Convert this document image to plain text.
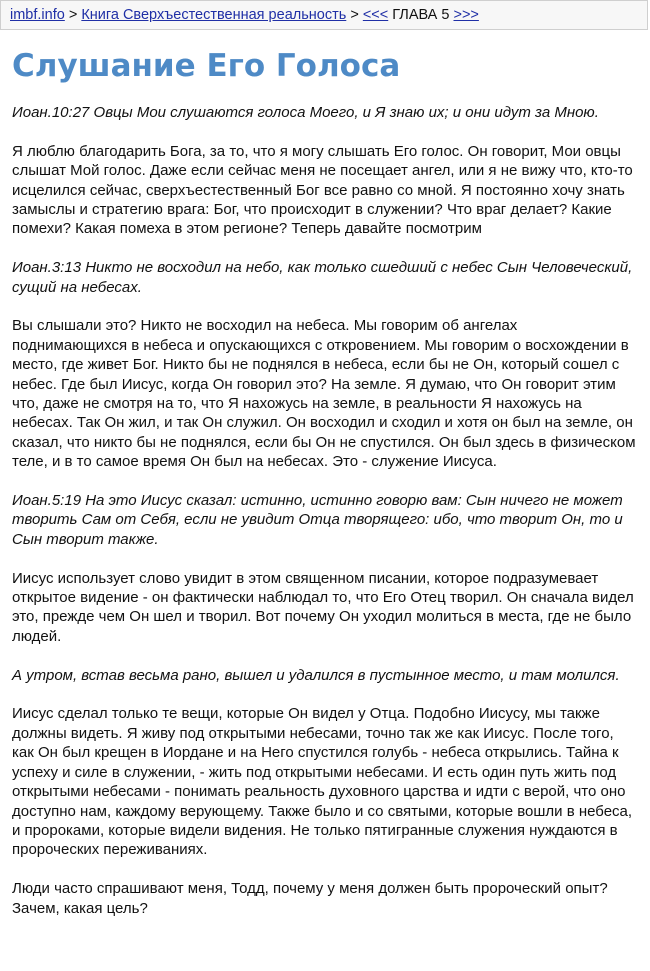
imbf.info > Книга Сверхъестественная реальность > <<< ГЛАВА 5 >>>
Слушание Его Голоса

Иоан.10:27 Овцы Мои слушаются голоса Моего, и Я знаю их; и они идут за Мною.

Я люблю благодарить Бога, за то, что я могу слышать Его голос. Он говорит, Мои овцы слышат Мой голос. Даже если сейчас меня не посещает ангел, или я не вижу что, кто-то исцелился сейчас, сверхъестественный Бог все равно со мной. Я постоянно хочу знать замыслы и стратегию врага: Бог, что происходит в служении? Что враг делает? Какие помехи? Какая помеха в этом регионе? Теперь давайте посмотрим

Иоан.3:13 Никто не восходил на небо, как только сшедший с небес Сын Человеческий, сущий на небесах.

Вы слышали это? Никто не восходил на небеса. Мы говорим об ангелах поднимающихся в небеса и опускающихся с откровением. Мы говорим о восхождении в место, где живет Бог. Никто бы не поднялся в небеса, если бы не Он, который сошел с небес. Где был Иисус, когда Он говорил это? На земле. Я думаю, что Он говорит этим что, даже не смотря на то, что Я нахожусь на земле, в реальности Я нахожусь на небесах. Так Он жил, и так Он служил. Он восходил и сходил и хотя он был на земле, он сказал, что никто бы не поднялся, если бы Он не спустился. Он был здесь в физическом теле, и в то самое время Он был на небесах. Это - служение Иисуса.

Иоан.5:19 На это Иисус сказал: истинно, истинно говорю вам: Сын ничего не может творить Сам от Себя, если не увидит Отца творящего: ибо, что творит Он, то и Сын творит также.

Иисус использует слово увидит в этом священном писании, которое подразумевает открытое видение - он фактически наблюдал то, что Его Отец творил. Он сначала видел это, прежде чем Он шел и творил. Вот почему Он уходил молиться в места, где не было людей.

А утром, встав весьма рано, вышел и удалился в пустынное место, и там молился.

Иисус сделал только те вещи, которые Он видел у Отца. Подобно Иисусу, мы также должны видеть. Я живу под открытыми небесами, точно так же как Иисус. После того, как Он был крещен в Иордане и на Него спустился голубь - небеса открылись. Тайна к успеху и силе в служении, - жить под открытыми небесами. И есть один путь жить под открытыми небесами - понимать реальность духовного царства и идти с верой, что оно доступно нам, каждому верующему. Также было и со святыми, которые вошли в небеса, и пророками, которые видели видения. Не только пятигранные служения нуждаются в пророческих переживаниях.

Люди часто спрашивают меня, Тодд, почему у меня должен быть пророческий опыт? Зачем, какая цель?
